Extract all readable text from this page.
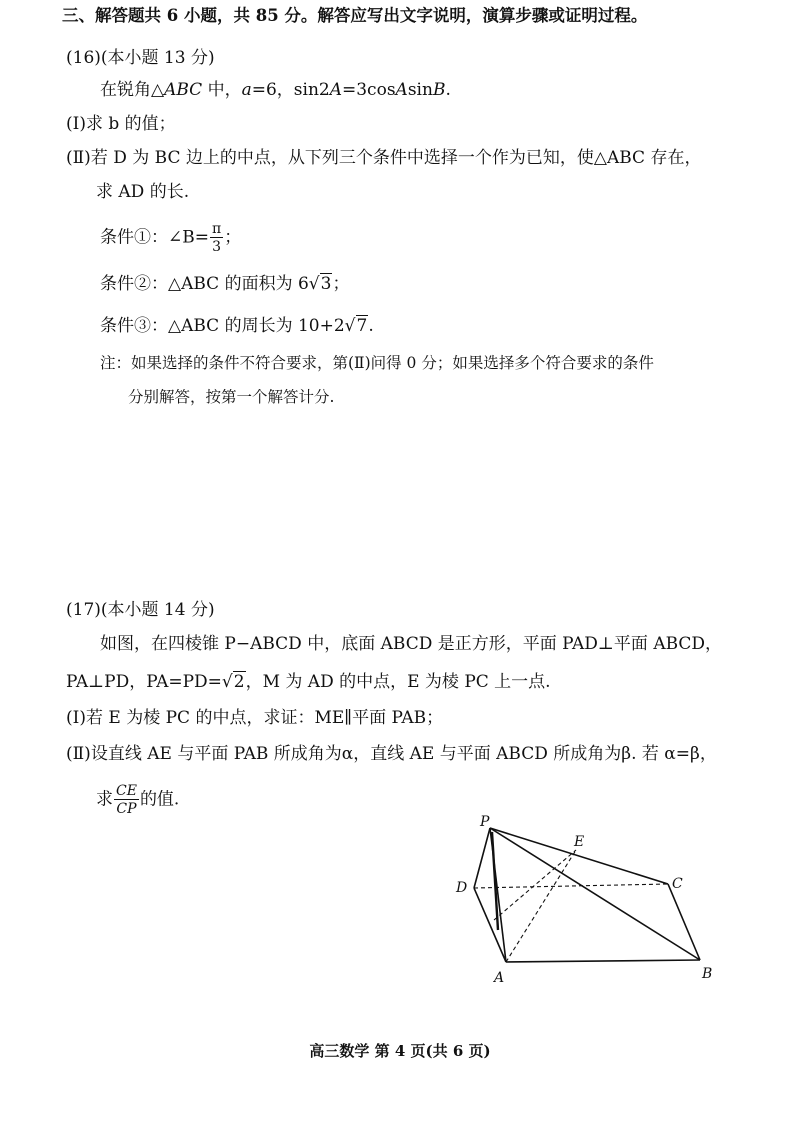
三、解答题共 6 小题，共 85 分。解答应写出文字说明，演算步骤或证明过程。
(16)(本小题 13 分)
在锐角△ABC 中，a=6，sin2A=3cosAsinB.
(Ⅰ)求 b 的值；
(Ⅱ)若 D 为 BC 边上的中点，从下列三个条件中选择一个作为已知，使△ABC 存在，
求 AD 的长.
条件①：∠B= $\frac{\pi}{3}$ ；
条件②：△ABC 的面积为 6√3；
条件③：△ABC 的周长为 10+2√7.
注：如果选择的条件不符合要求，第(Ⅱ)问得 0 分；如果选择多个符合要求的条件
分别解答，按第一个解答计分.
(17)(本小题 14 分)
如图，在四棱锥 P−ABCD 中，底面 ABCD 是正方形，平面 PAD⊥平面 ABCD，
PA⊥PD，PA=PD=√2，M 为 AD 的中点，E 为棱 PC 上一点.
(Ⅰ)若 E 为棱 PC 的中点，求证：ME∥平面 PAB；
(Ⅱ)设直线 AE 与平面 PAB 所成角为α，直线 AE 与平面 ABCD 所成角为β. 若 α=β，
求 $\frac{CE}{CP}$ 的值.
P
E
D	C
A	B
高三数学 第 4 页(共 6 页)
